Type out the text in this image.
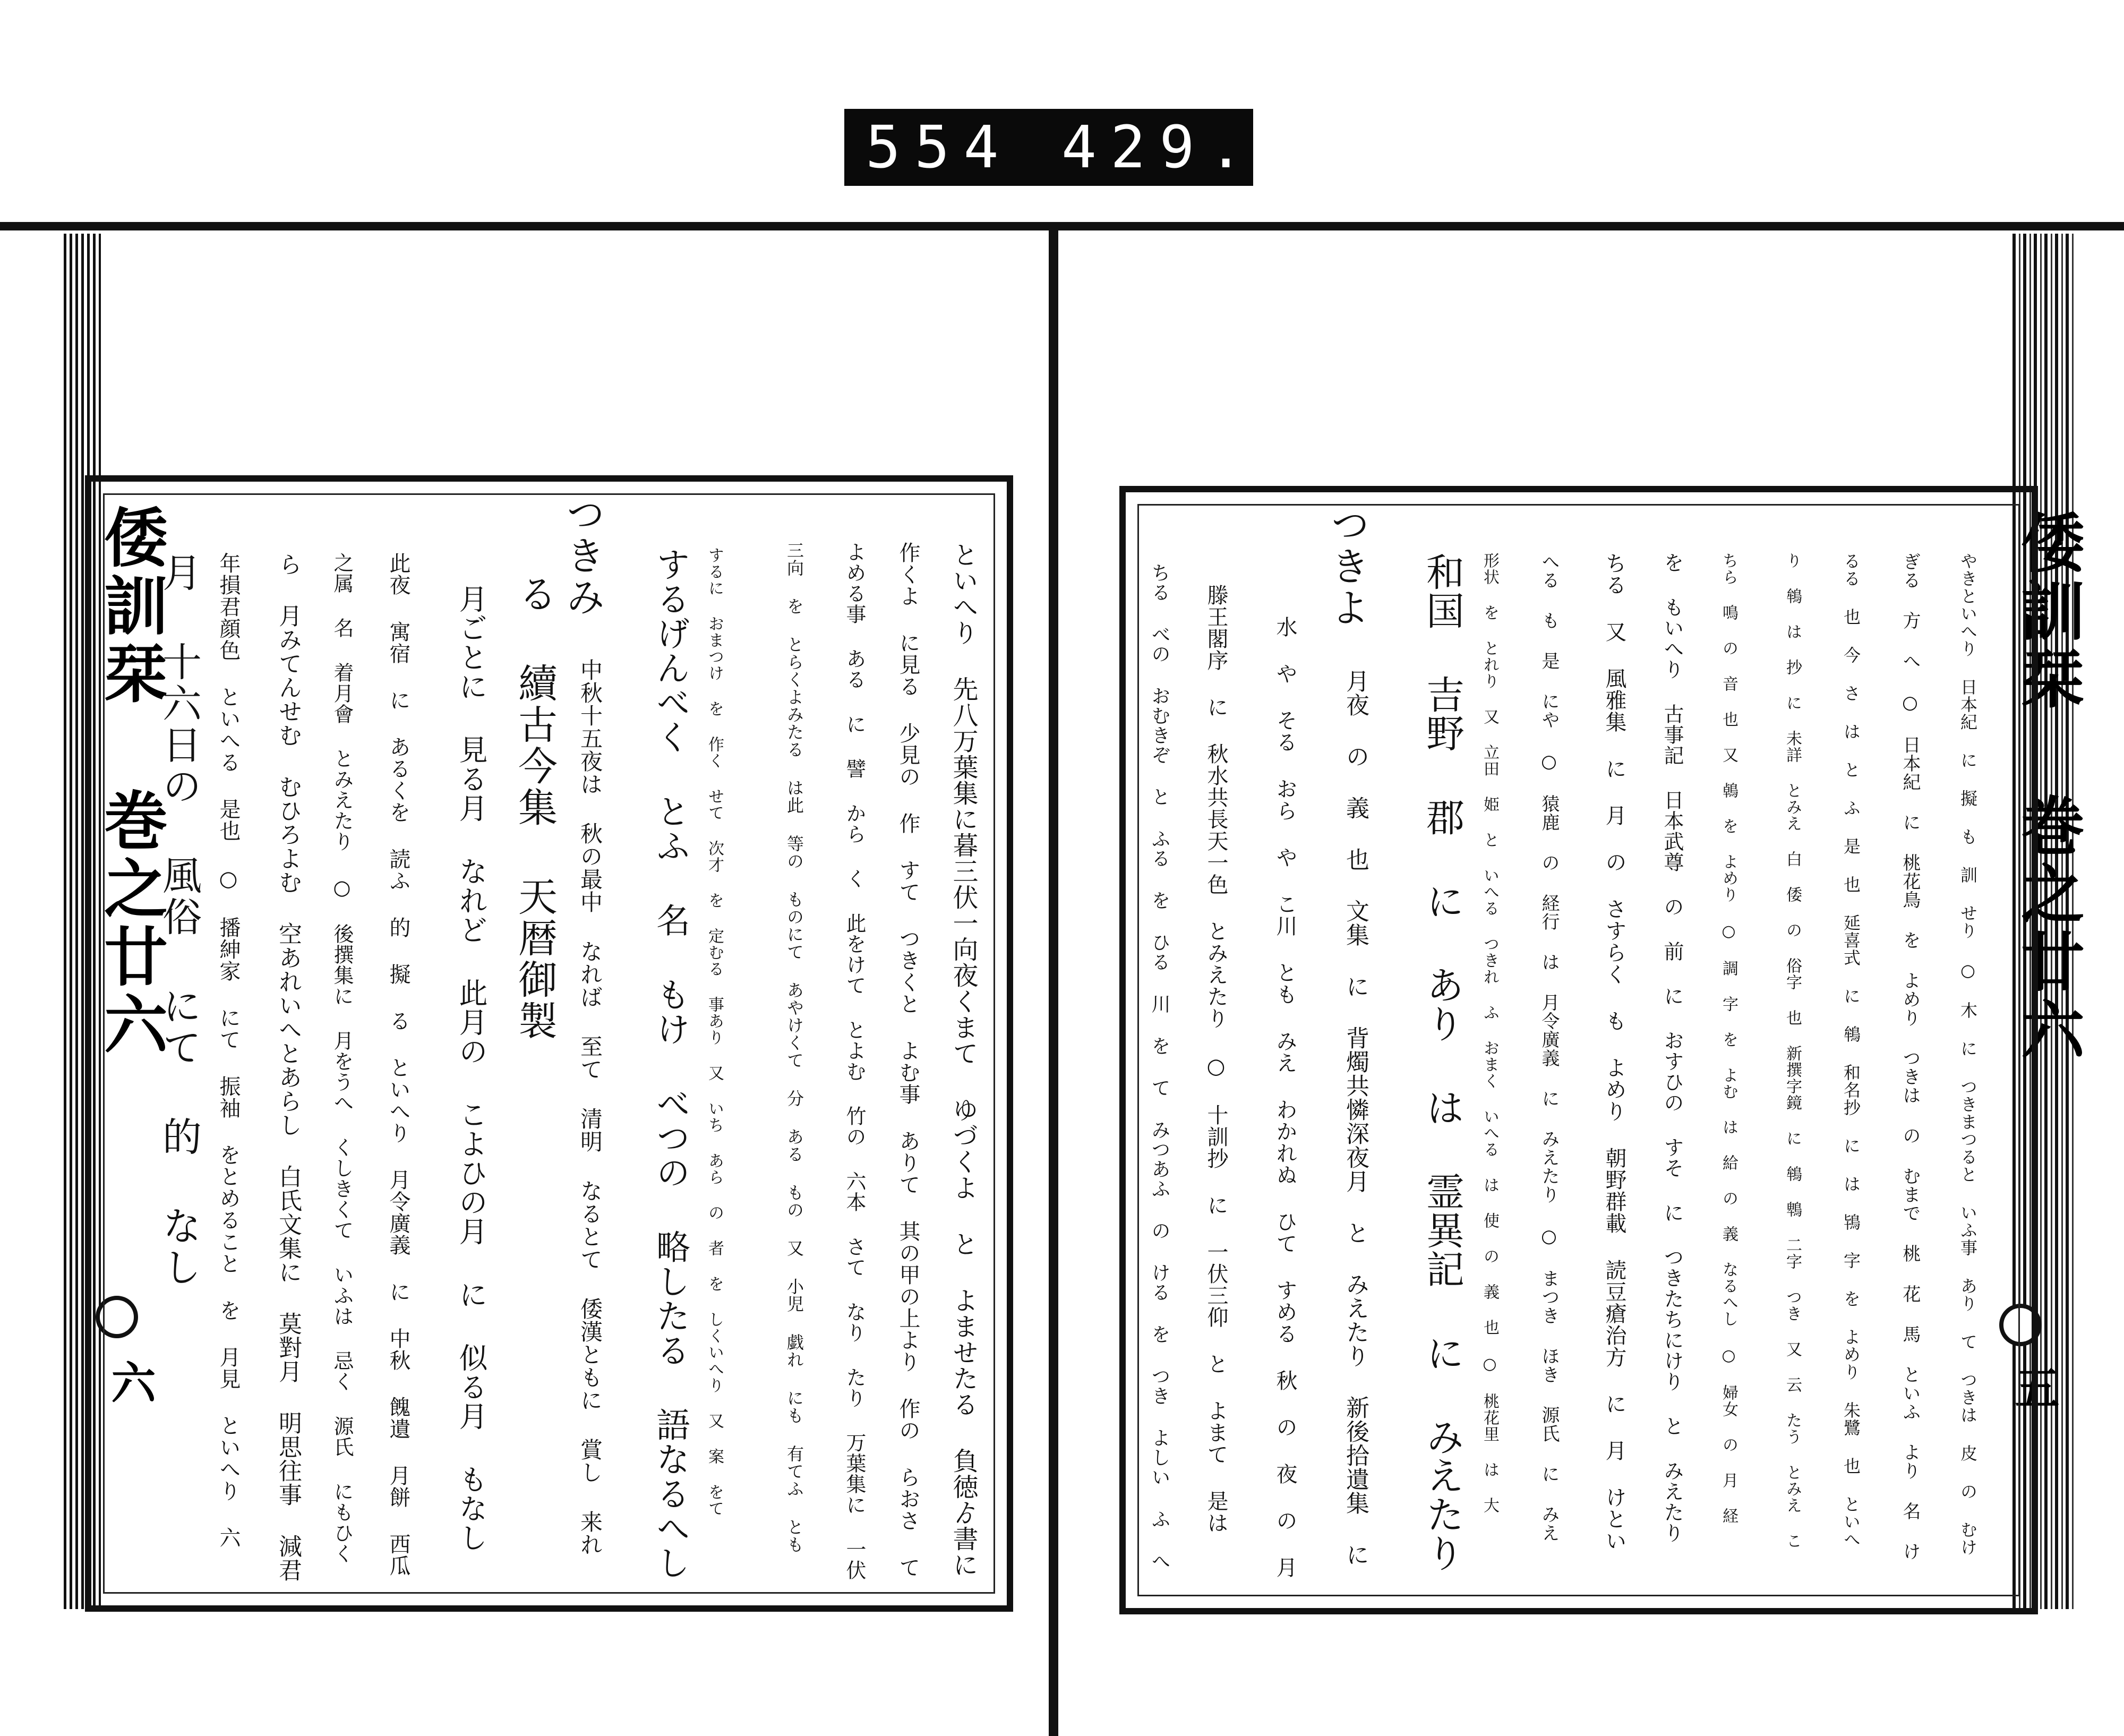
554 429.
倭訓栞 巻之廿六
六	といへり 先八万葉集に暮三伏一向夜くまて ゆづくよ と よませたる 負徳ゟ書に
作くよ に見る 少見の 作 すて つきくと よむ事 ありて 其の甲の上より 作の らおさ て
よめる事 ある に 譬 から く 此をけて とよむ 竹の 六本 さて なり たり 万葉集に 一伏
三向 を とらくよみたる は此 等の ものにて あやけくて 分 ある もの 又 小児 戯れ にも 有てふ とも
するに おまつけ を 作く せて 次才 を 定むる 事あり 又 いち あら の 者 を しくいへり 又 案 をて
するげんべく とふ 名 もけ べつの 略したる 語なるへし
中秋十五夜は 秋の最中 なれば 至て 清明 なるとて 倭漢ともに 賞し 来れ
つきみ
る 續古今集 天暦御製
月ごとに 見る月 なれど 此月の こよひの月 に 似る月 もなし
此夜 寓宿 に あるくを 読ふ 的 擬 る といへり 月令廣義 に 中秋 餽遺 月餅 西瓜
之属 名 着月會 とみえたり ○ 後撰集に 月をうへ くしきくて いふは 忌く 源氏 にもひく
ら 月みてんせむ むひろよむ 空あれいへとあらし 白氏文集に 莫對月 明思往事 減君
年損君顔色 といへる 是也 ○ 播紳家 にて 振袖 をとめること を 月見 といへり 六
月 十六日の 風俗 にて 的 なし	倭訓栞 巻之廿六
五
やきといへり 日本紀 に 擬 も 訓 せり ○ 木 に つきまつると いふ事 あり て つきは 皮 の むけ
ぎる 方 へ ○ 日本紀 に 桃花鳥 を よめり つきは の むまで 桃 花 馬 といふ より 名 け
るる 也 今 さ は と ふ 是 也 延喜式 に 鴾 和名抄 に は 鴇 字 を よめり 朱鷺 也 といへ
り 鴾 は 抄 に 未詳 とみえ 白 倭 の 俗字 也 新撰字鏡 に 鴾 鵯 二字 つき 又 云 たう とみえ こ
ちら 鳴 の 音 也 又 鵫 を よめり ○ 調 字 を よむ は 給 の 義 なるへし ○ 婦女 の 月 経
を もいへり 古事記 日本武尊 の 前 に おすひの すそ に つきたちにけり と みえたり
ちる 又 風雅集 に 月 の さすらく も よめり 朝野群載 読豆瘡治方 に 月 けとい
へる も 是 にや ○ 猿鹿 の 経行 は 月令廣義 に みえたり ○ まつき ほき 源氏 に みえ
形状 を とれり 又 立田 姫 と いへる つきれ ふ おまく いへる は 使 の 義 也 ○ 桃花里 は 大
和国 吉野 郡 に あり は 霊異記 に みえたり
月夜 の 義 也 文集 に 背燭共憐深夜月 と みえたり 新後拾遺集 に
つきよ
水 や そる おら や こ川 とも みえ わかれぬ ひて すめる 秋 の 夜 の 月
滕王閣序 に 秋水共長天一色 とみえたり ○ 十訓抄 に 一伏三仰 と よまて 是は
ちる べの おむきぞ と ふる を ひる 川 を て みつあふ の ける を つき よしい ふ へ
